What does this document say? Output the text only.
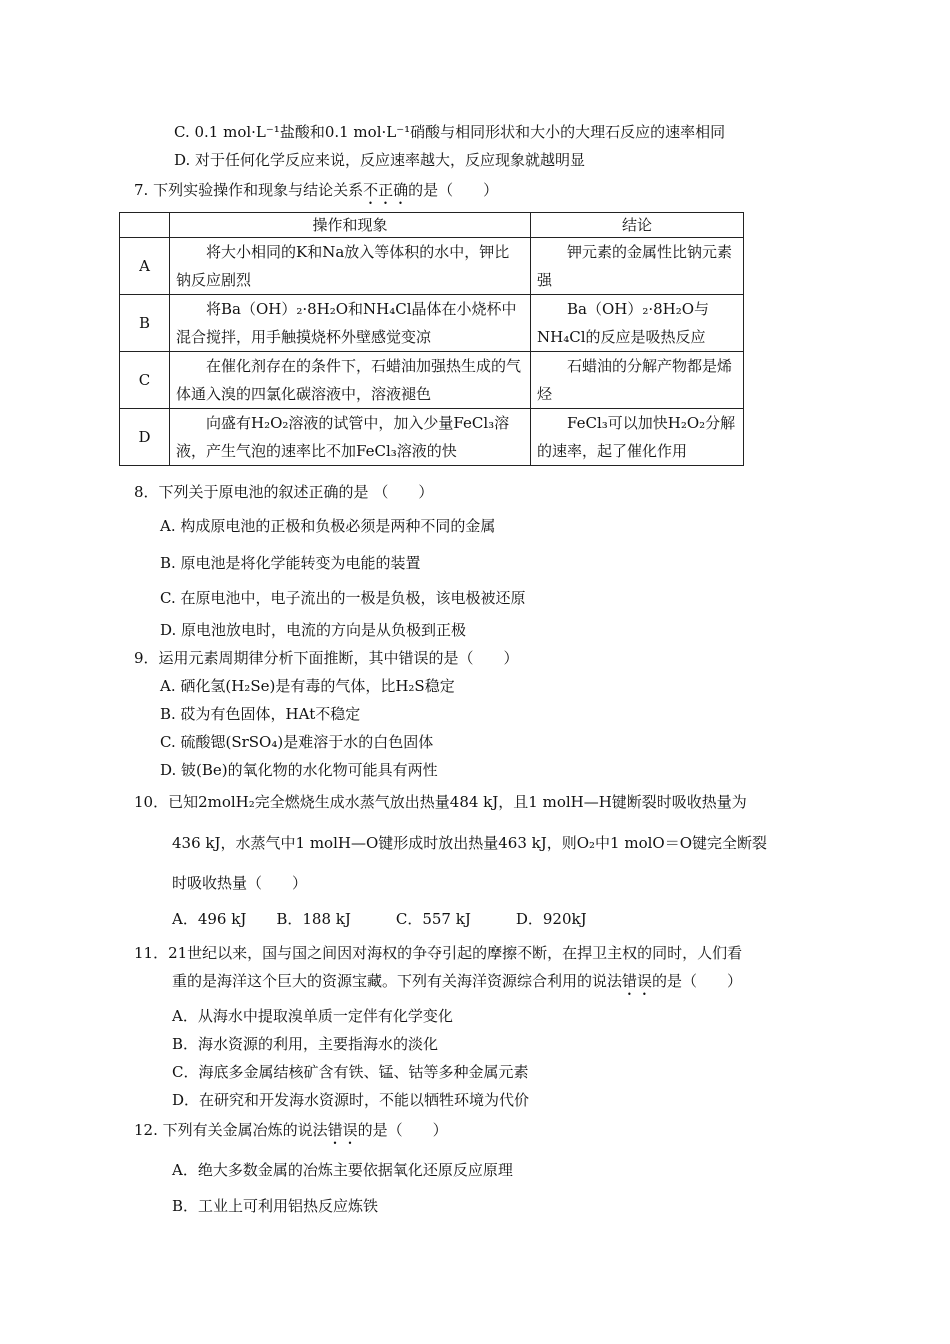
C. 0.1 mol·L⁻¹盐酸和0.1 mol·L⁻¹硝酸与相同形状和大小的大理石反应的速率相同
D. 对于任何化学反应来说，反应速率越大，反应现象就越明显
7. 下列实验操作和现象与结论关系不正确的是（　　）
	操作和现象	结论
A	将大小相同的K和Na放入等体积的水中，钾比钠反应剧烈	钾元素的金属性比钠元素强
B	将Ba（OH）₂·8H₂O和NH₄Cl晶体在小烧杯中混合搅拌，用手触摸烧杯外壁感觉变凉	Ba（OH）₂·8H₂O与NH₄Cl的反应是吸热反应
C	在催化剂存在的条件下，石蜡油加强热生成的气体通入溴的四氯化碳溶液中，溶液褪色	石蜡油的分解产物都是烯烃
D	向盛有H₂O₂溶液的试管中，加入少量FeCl₃溶液，产生气泡的速率比不加FeCl₃溶液的快	FeCl₃可以加快H₂O₂分解的速率，起了催化作用
8．下列关于原电池的叙述正确的是 （　　）
A. 构成原电池的正极和负极必须是两种不同的金属
B. 原电池是将化学能转变为电能的装置
C. 在原电池中，电子流出的一极是负极，该电极被还原
D. 原电池放电时，电流的方向是从负极到正极
9．运用元素周期律分析下面推断，其中错误的是（　　）
A. 硒化氢(H₂Se)是有毒的气体，比H₂S稳定
B. 砹为有色固体，HAt不稳定
C. 硫酸锶(SrSO₄)是难溶于水的白色固体
D. 铍(Be)的氧化物的水化物可能具有两性
10．已知2molH₂完全燃烧生成水蒸气放出热量484 kJ，且1 molH—H键断裂时吸收热量为
436 kJ，水蒸气中1 molH—O键形成时放出热量463 kJ，则O₂中1 molO＝O键完全断裂
时吸收热量（　　）
A．496 kJ　　B．188 kJ　　　C．557 kJ　　　D．920kJ
11．21世纪以来，国与国之间因对海权的争夺引起的摩擦不断，在捍卫主权的同时，人们看
重的是海洋这个巨大的资源宝藏。下列有关海洋资源综合利用的说法错误的是（　　）
A．从海水中提取溴单质一定伴有化学变化
B．海水资源的利用，主要指海水的淡化
C．海底多金属结核矿含有铁、锰、钴等多种金属元素
D．在研究和开发海水资源时，不能以牺牲环境为代价
12. 下列有关金属冶炼的说法错误的是（　　）
A．绝大多数金属的冶炼主要依据氧化还原反应原理
B．工业上可利用铝热反应炼铁
